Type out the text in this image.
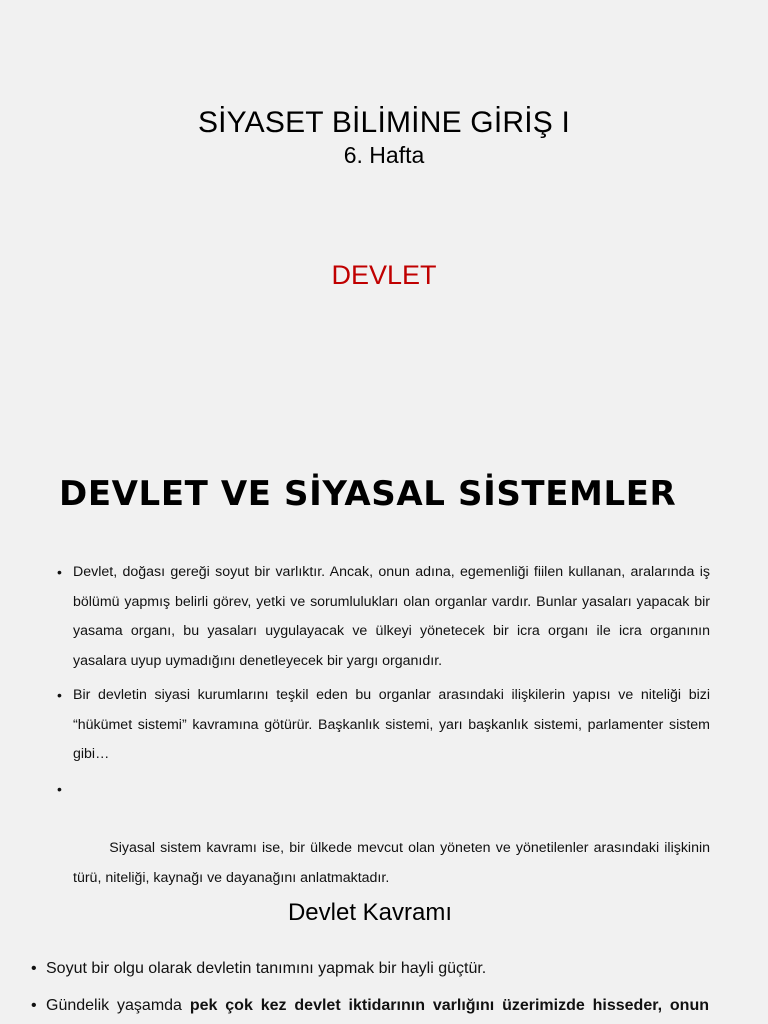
SİYASET BİLİMİNE GİRİŞ I
6. Hafta
DEVLET
DEVLET VE SİYASAL SİSTEMLER
• Devlet, doğası gereği soyut bir varlıktır. Ancak, onun adına, egemenliği fiilen kullanan, aralarında iş bölümü yapmış belirli görev, yetki ve sorumlulukları olan organlar vardır. Bunlar yasaları yapacak bir yasama organı, bu yasaları uygulayacak ve ülkeyi yönetecek bir icra organı ile icra organının yasalara uyup uymadığını denetleyecek bir yargı organıdır.
• Bir devletin siyasi kurumlarını teşkil eden bu organlar arasındaki ilişkilerin yapısı ve niteliği bizi “hükümet sistemi” kavramına götürür. Başkanlık sistemi, yarı başkanlık sistemi, parlamenter sistem gibi…

•

Siyasal sistem kavramı ise, bir ülkede mevcut olan yöneten ve yönetilenler arasındaki ilişkinin türü, niteliği, kaynağı ve dayanağını anlatmaktadır.

Devlet Kavramı
• Soyut bir olgu olarak devletin tanımını yapmak bir hayli güçtür.
• Gündelik yaşamda pek çok kez devlet iktidarının varlığını üzerimizde hisseder, onun
